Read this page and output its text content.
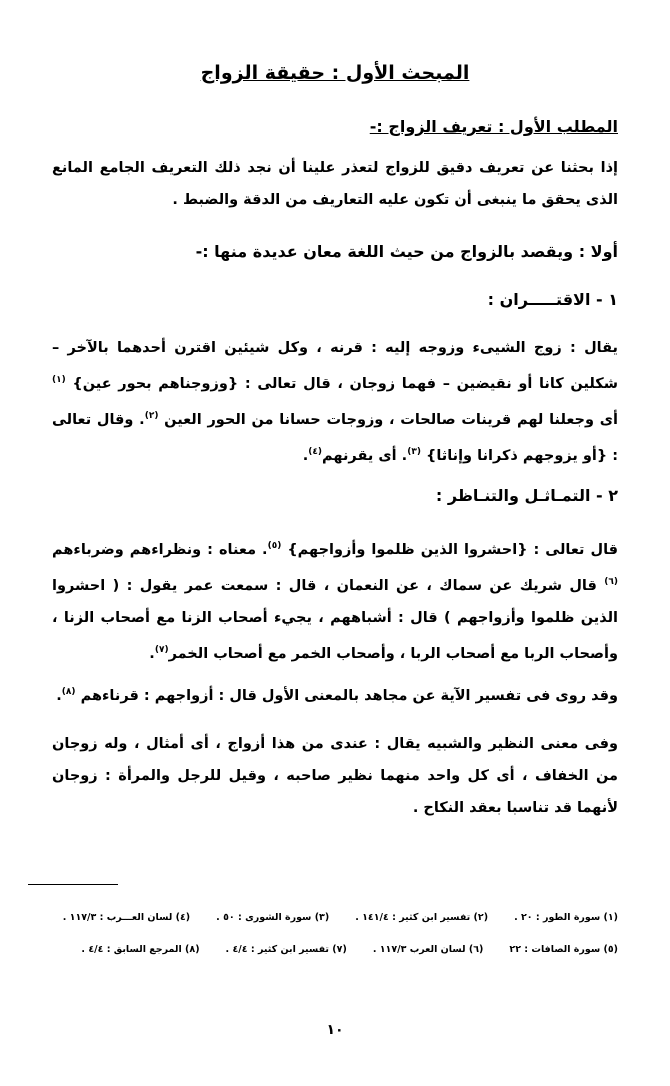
المبحث الأول : حقيقة الزواج
المطلب الأول : تعريف الزواج :-
إذا بحثنا عن تعريف دقيق للزواج لتعذر علينا أن نجد ذلك التعريف الجامع المانع الذى يحقق ما ينبغى أن تكون عليه التعاريف من الدقة والضبط .
أولا : ويقصد بالزواج من حيث اللغة معان عديدة منها :-
١ - الاقتـــــران :
يقال : زوج الشيىء وزوجه إليه : قرنه ، وكل شيئين اقترن أحدهما بالآخر – شكلين كانا أو نقيضين – فهما زوجان ، قال تعالى : {وزوجناهم بحور عين} $^{(١)}$ أى وجعلنا لهم قرينات صالحات ، وزوجات حسانا من الحور العين $^{(٢)}$. وقال تعالى : {أو يزوجهم ذكرانا وإناثا} $^{(٣)}$. أى يقرنهم$^{(٤)}$.
٢ - التمـاثـل والتنـاظر :
قال تعالى : {احشروا الذين ظلموا وأزواجهم} $^{(٥)}$. معناه : ونظراءهم وضرباءهم $^{(٦)}$ قال شريك عن سماك ، عن النعمان ، قال : سمعت عمر يقول : ( احشروا الذين ظلموا وأزواجهم ) قال : أشباههم ، يجيء أصحاب الزنا مع أصحاب الزنا ، وأصحاب الربا مع أصحاب الربا ، وأصحاب الخمر مع أصحاب الخمر$^{(٧)}$.
وقد روى فى تفسير الآية عن مجاهد بالمعنى الأول قال : أزواجهم : قرناءهم $^{(٨)}$.
وفى معنى النظير والشبيه يقال : عندى من هذا أزواج ، أى أمثال ، وله زوجان من الخفاف ، أى كل واحد منهما نظير صاحبه ، وقيل للرجل والمرأة : زوجان لأنهما قد تناسبا بعقد النكاح .
(١) سورة الطور : ٢٠ .(٢) تفسير ابن كثير : ١٤١/٤ .(٣) سورة الشورى : ٥٠ .(٤) لسان العـــرب : ١١٧/٣ .
(٥) سورة الصافات : ٢٢(٦) لسان العرب ١١٧/٣ .(٧) تفسير ابن كثير : ٤/٤ .(٨) المرجع السابق : ٤/٤ .
١٠
